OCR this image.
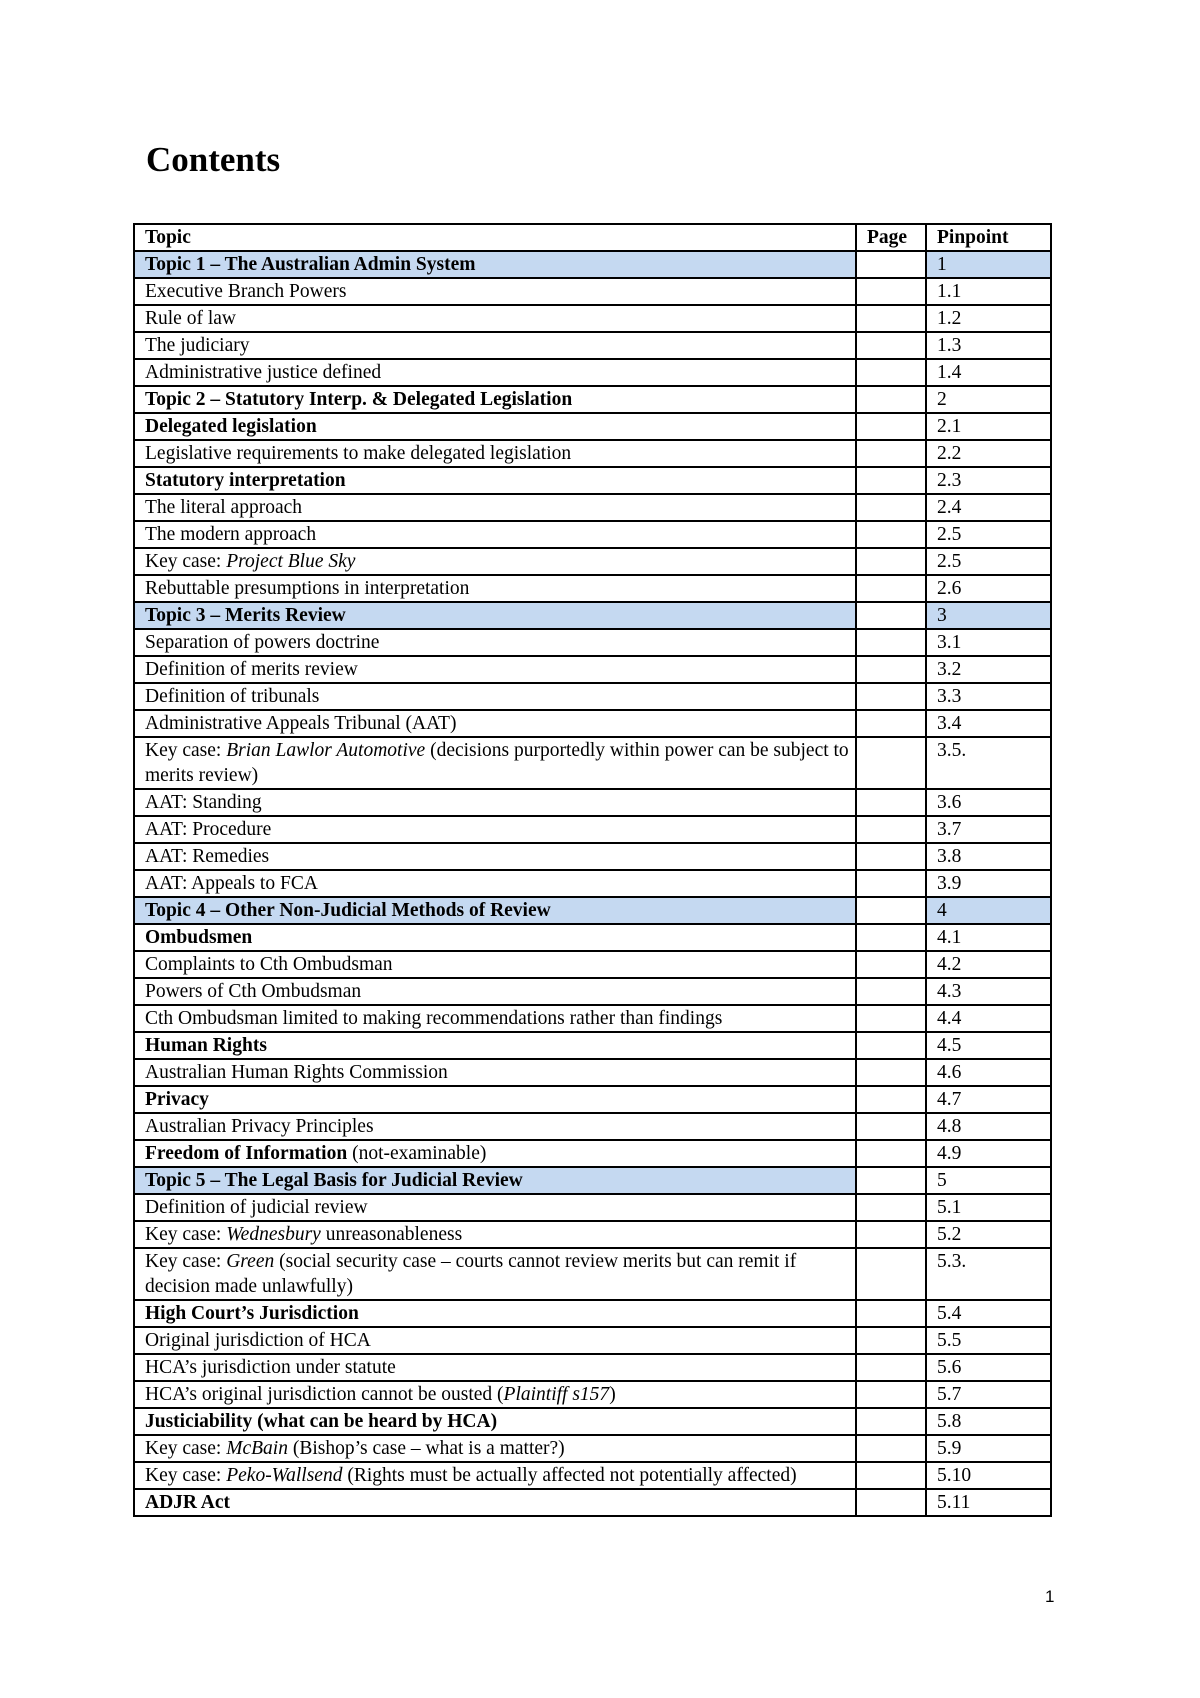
Contents
Topic	Page	Pinpoint
Topic 1 – The Australian Admin System		1
Executive Branch Powers		1.1
Rule of law		1.2
The judiciary		1.3
Administrative justice defined		1.4
Topic 2 – Statutory Interp. & Delegated Legislation		2
Delegated legislation		2.1
Legislative requirements to make delegated legislation		2.2
Statutory interpretation		2.3
The literal approach		2.4
The modern approach		2.5
Key case: Project Blue Sky		2.5
Rebuttable presumptions in interpretation		2.6
Topic 3 – Merits Review		3
Separation of powers doctrine		3.1
Definition of merits review		3.2
Definition of tribunals		3.3
Administrative Appeals Tribunal (AAT)		3.4
Key case: Brian Lawlor Automotive (decisions purportedly within power can be subject to merits review)		3.5.
AAT: Standing		3.6
AAT: Procedure		3.7
AAT: Remedies		3.8
AAT: Appeals to FCA		3.9
Topic 4 – Other Non-Judicial Methods of Review		4
Ombudsmen		4.1
Complaints to Cth Ombudsman		4.2
Powers of Cth Ombudsman		4.3
Cth Ombudsman limited to making recommendations rather than findings		4.4
Human Rights		4.5
Australian Human Rights Commission		4.6
Privacy		4.7
Australian Privacy Principles		4.8
Freedom of Information (not-examinable)		4.9
Topic 5 – The Legal Basis for Judicial Review		5
Definition of judicial review		5.1
Key case: Wednesbury unreasonableness		5.2
Key case: Green (social security case – courts cannot review merits but can remit if decision made unlawfully)		5.3.
High Court’s Jurisdiction		5.4
Original jurisdiction of HCA		5.5
HCA’s jurisdiction under statute		5.6
HCA’s original jurisdiction cannot be ousted (Plaintiff s157)		5.7
Justiciability (what can be heard by HCA)		5.8
Key case: McBain (Bishop’s case – what is a matter?)		5.9
Key case: Peko-Wallsend (Rights must be actually affected not potentially affected)		5.10
ADJR Act		5.11
1
